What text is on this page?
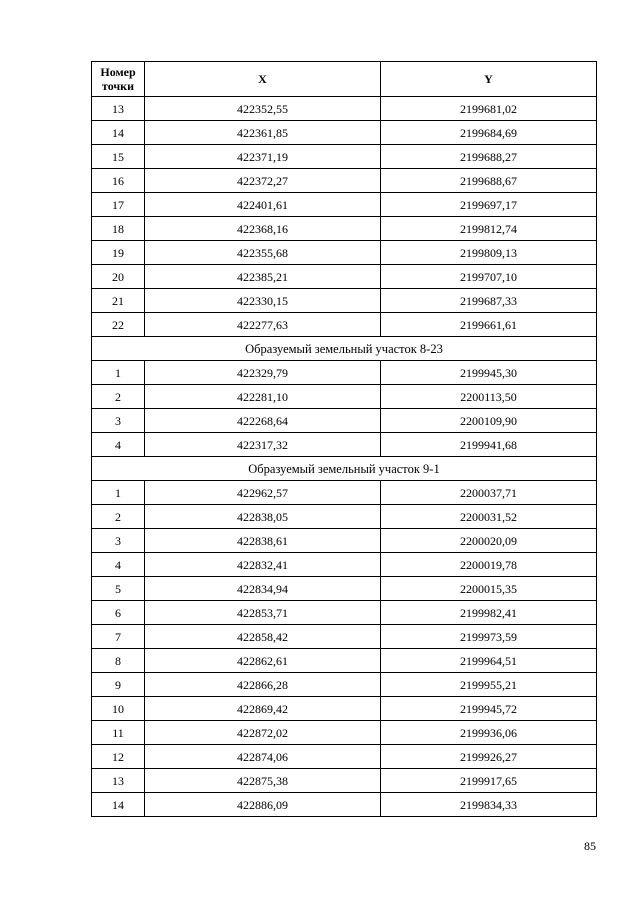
Номер
точки	X	Y
13	422352,55	2199681,02
14	422361,85	2199684,69
15	422371,19	2199688,27
16	422372,27	2199688,67
17	422401,61	2199697,17
18	422368,16	2199812,74
19	422355,68	2199809,13
20	422385,21	2199707,10
21	422330,15	2199687,33
22	422277,63	2199661,61
Образуемый земельный участок 8-23		
1	422329,79	2199945,30
2	422281,10	2200113,50
3	422268,64	2200109,90
4	422317,32	2199941,68
Образуемый земельный участок 9-1		
1	422962,57	2200037,71
2	422838,05	2200031,52
3	422838,61	2200020,09
4	422832,41	2200019,78
5	422834,94	2200015,35
6	422853,71	2199982,41
7	422858,42	2199973,59
8	422862,61	2199964,51
9	422866,28	2199955,21
10	422869,42	2199945,72
11	422872,02	2199936,06
12	422874,06	2199926,27
13	422875,38	2199917,65
14	422886,09	2199834,33
85
